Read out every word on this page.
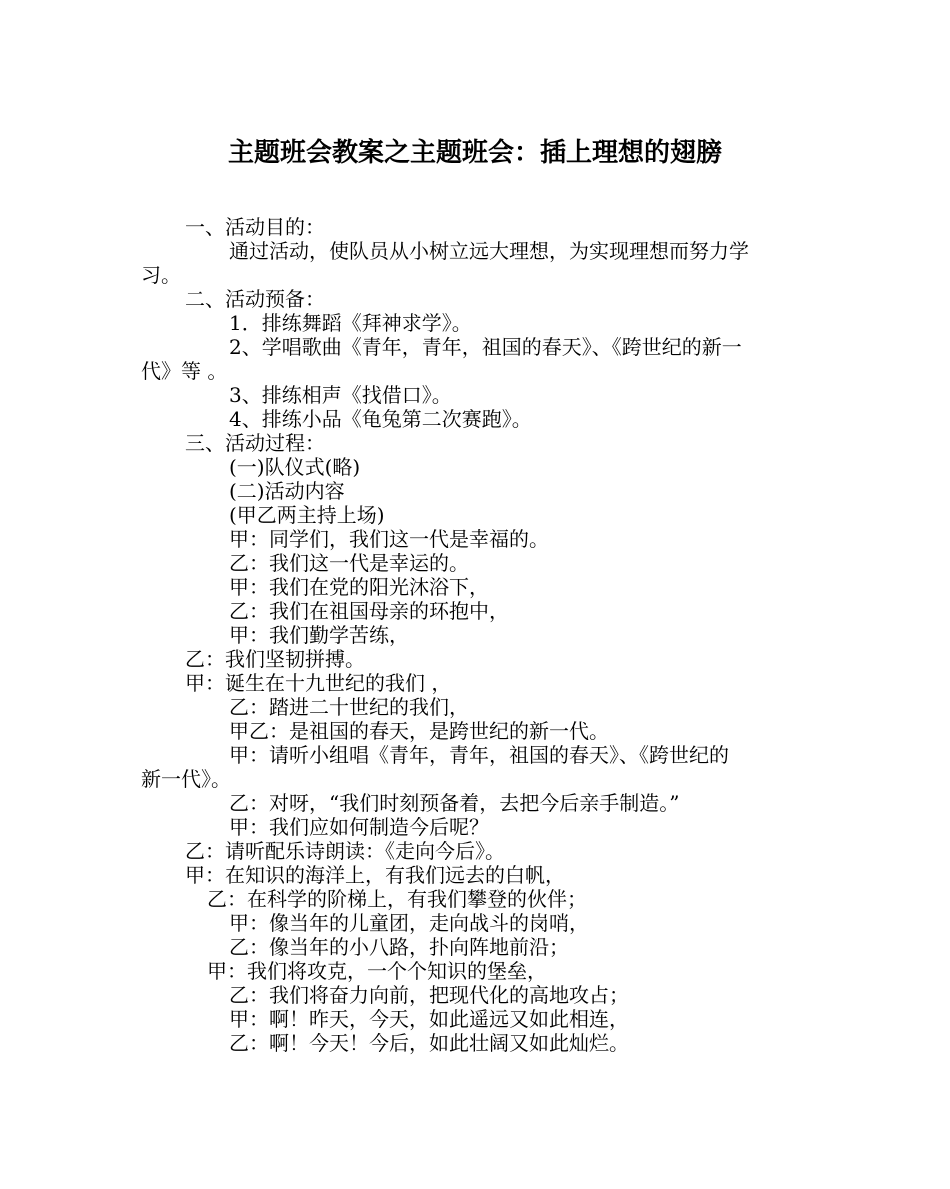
主题班会教案之主题班会：插上理想的翅膀
一、活动目的：
通过活动，使队员从小树立远大理想，为实现理想而努力学
习。
二、活动预备：
1．排练舞蹈《拜神求学》。
2、学唱歌曲《青年，青年，祖国的春天》、《跨世纪的新一
代》等 。
3、排练相声《找借口》。
4、排练小品《龟兔第二次赛跑》。
三、活动过程：
(一)队仪式(略)
(二)活动内容
(甲乙两主持上场)
甲：同学们，我们这一代是幸福的。
乙：我们这一代是幸运的。
甲：我们在党的阳光沐浴下，
乙：我们在祖国母亲的环抱中，
甲：我们勤学苦练，
乙：我们坚韧拼搏。
甲：诞生在十九世纪的我们 ，
乙：踏进二十世纪的我们，
甲乙：是祖国的春天，是跨世纪的新一代。
甲：请听小组唱《青年，青年，祖国的春天》、《跨世纪的
新一代》。
乙：对呀，“我们时刻预备着，去把今后亲手制造。”
甲：我们应如何制造今后呢？
乙：请听配乐诗朗读：《走向今后》。
甲：在知识的海洋上，有我们远去的白帆，
乙：在科学的阶梯上，有我们攀登的伙伴；
甲：像当年的儿童团，走向战斗的岗哨，
乙：像当年的小八路，扑向阵地前沿；
甲：我们将攻克，一个个知识的堡垒，
乙：我们将奋力向前，把现代化的高地攻占；
甲：啊！昨天，今天，如此遥远又如此相连，
乙：啊！今天！今后，如此壮阔又如此灿烂。
